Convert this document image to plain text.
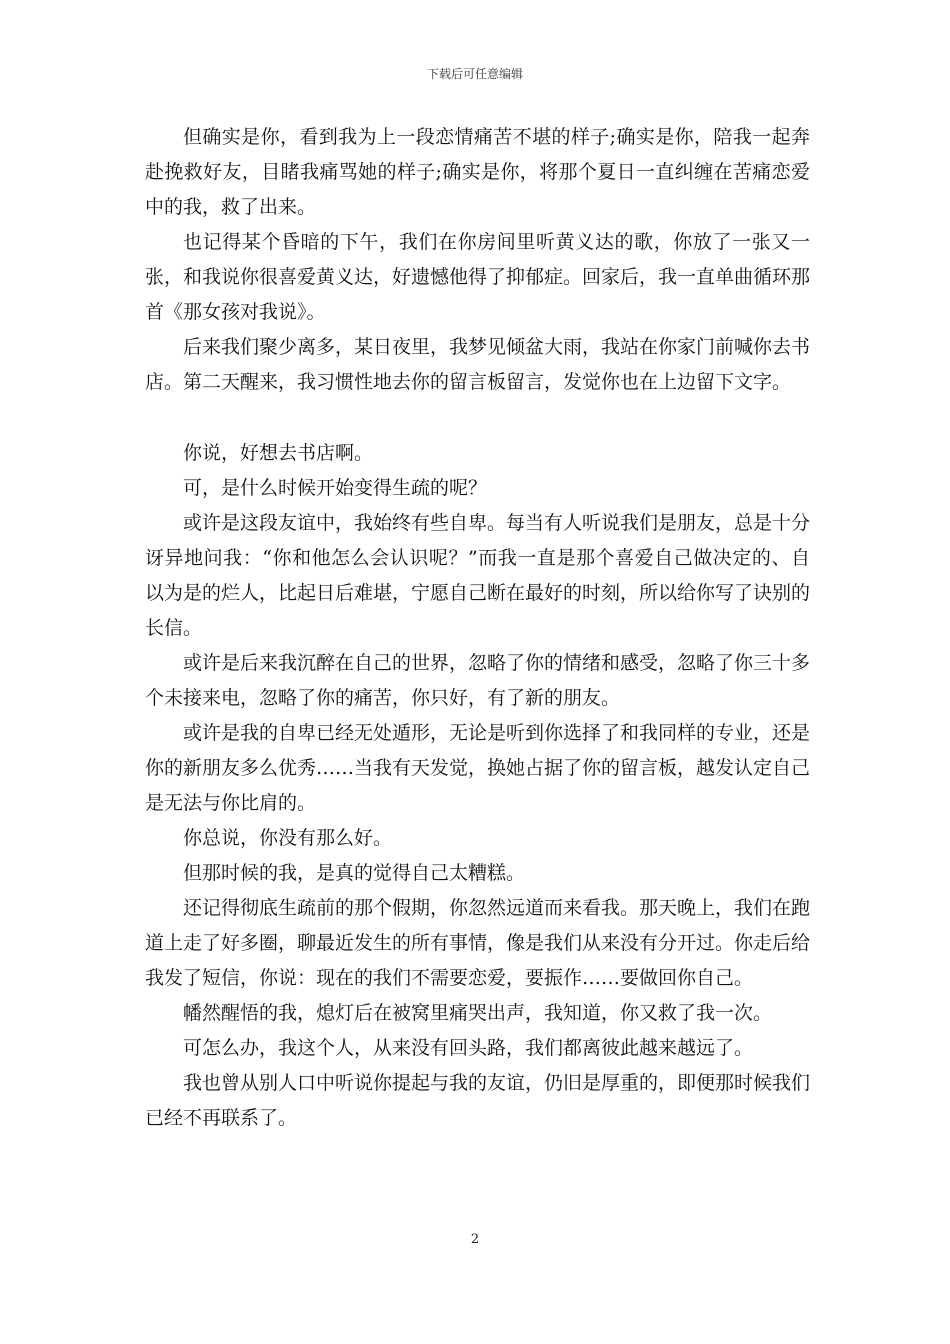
下载后可任意编辑

但确实是你，看到我为上一段恋情痛苦不堪的样子;确实是你，陪我一起奔赴挽救好友，目睹我痛骂她的样子;确实是你，将那个夏日一直纠缠在苦痛恋爱中的我，救了出来。

也记得某个昏暗的下午，我们在你房间里听黄义达的歌，你放了一张又一张，和我说你很喜爱黄义达，好遗憾他得了抑郁症。回家后，我一直单曲循环那首《那女孩对我说》。

后来我们聚少离多，某日夜里，我梦见倾盆大雨，我站在你家门前喊你去书店。第二天醒来，我习惯性地去你的留言板留言，发觉你也在上边留下文字。

你说，好想去书店啊。

可，是什么时候开始变得生疏的呢？

或许是这段友谊中，我始终有些自卑。每当有人听说我们是朋友，总是十分讶异地问我：“你和他怎么会认识呢？”而我一直是那个喜爱自己做决定的、自以为是的烂人，比起日后难堪，宁愿自己断在最好的时刻，所以给你写了诀别的长信。

或许是后来我沉醉在自己的世界，忽略了你的情绪和感受，忽略了你三十多个未接来电，忽略了你的痛苦，你只好，有了新的朋友。

或许是我的自卑已经无处遁形，无论是听到你选择了和我同样的专业，还是你的新朋友多么优秀……当我有天发觉，换她占据了你的留言板，越发认定自己是无法与你比肩的。

你总说，你没有那么好。

但那时候的我，是真的觉得自己太糟糕。

还记得彻底生疏前的那个假期，你忽然远道而来看我。那天晚上，我们在跑道上走了好多圈，聊最近发生的所有事情，像是我们从来没有分开过。你走后给我发了短信，你说：现在的我们不需要恋爱，要振作……要做回你自己。

幡然醒悟的我，熄灯后在被窝里痛哭出声，我知道，你又救了我一次。

可怎么办，我这个人，从来没有回头路，我们都离彼此越来越远了。

我也曾从别人口中听说你提起与我的友谊，仍旧是厚重的，即便那时候我们已经不再联系了。

2
